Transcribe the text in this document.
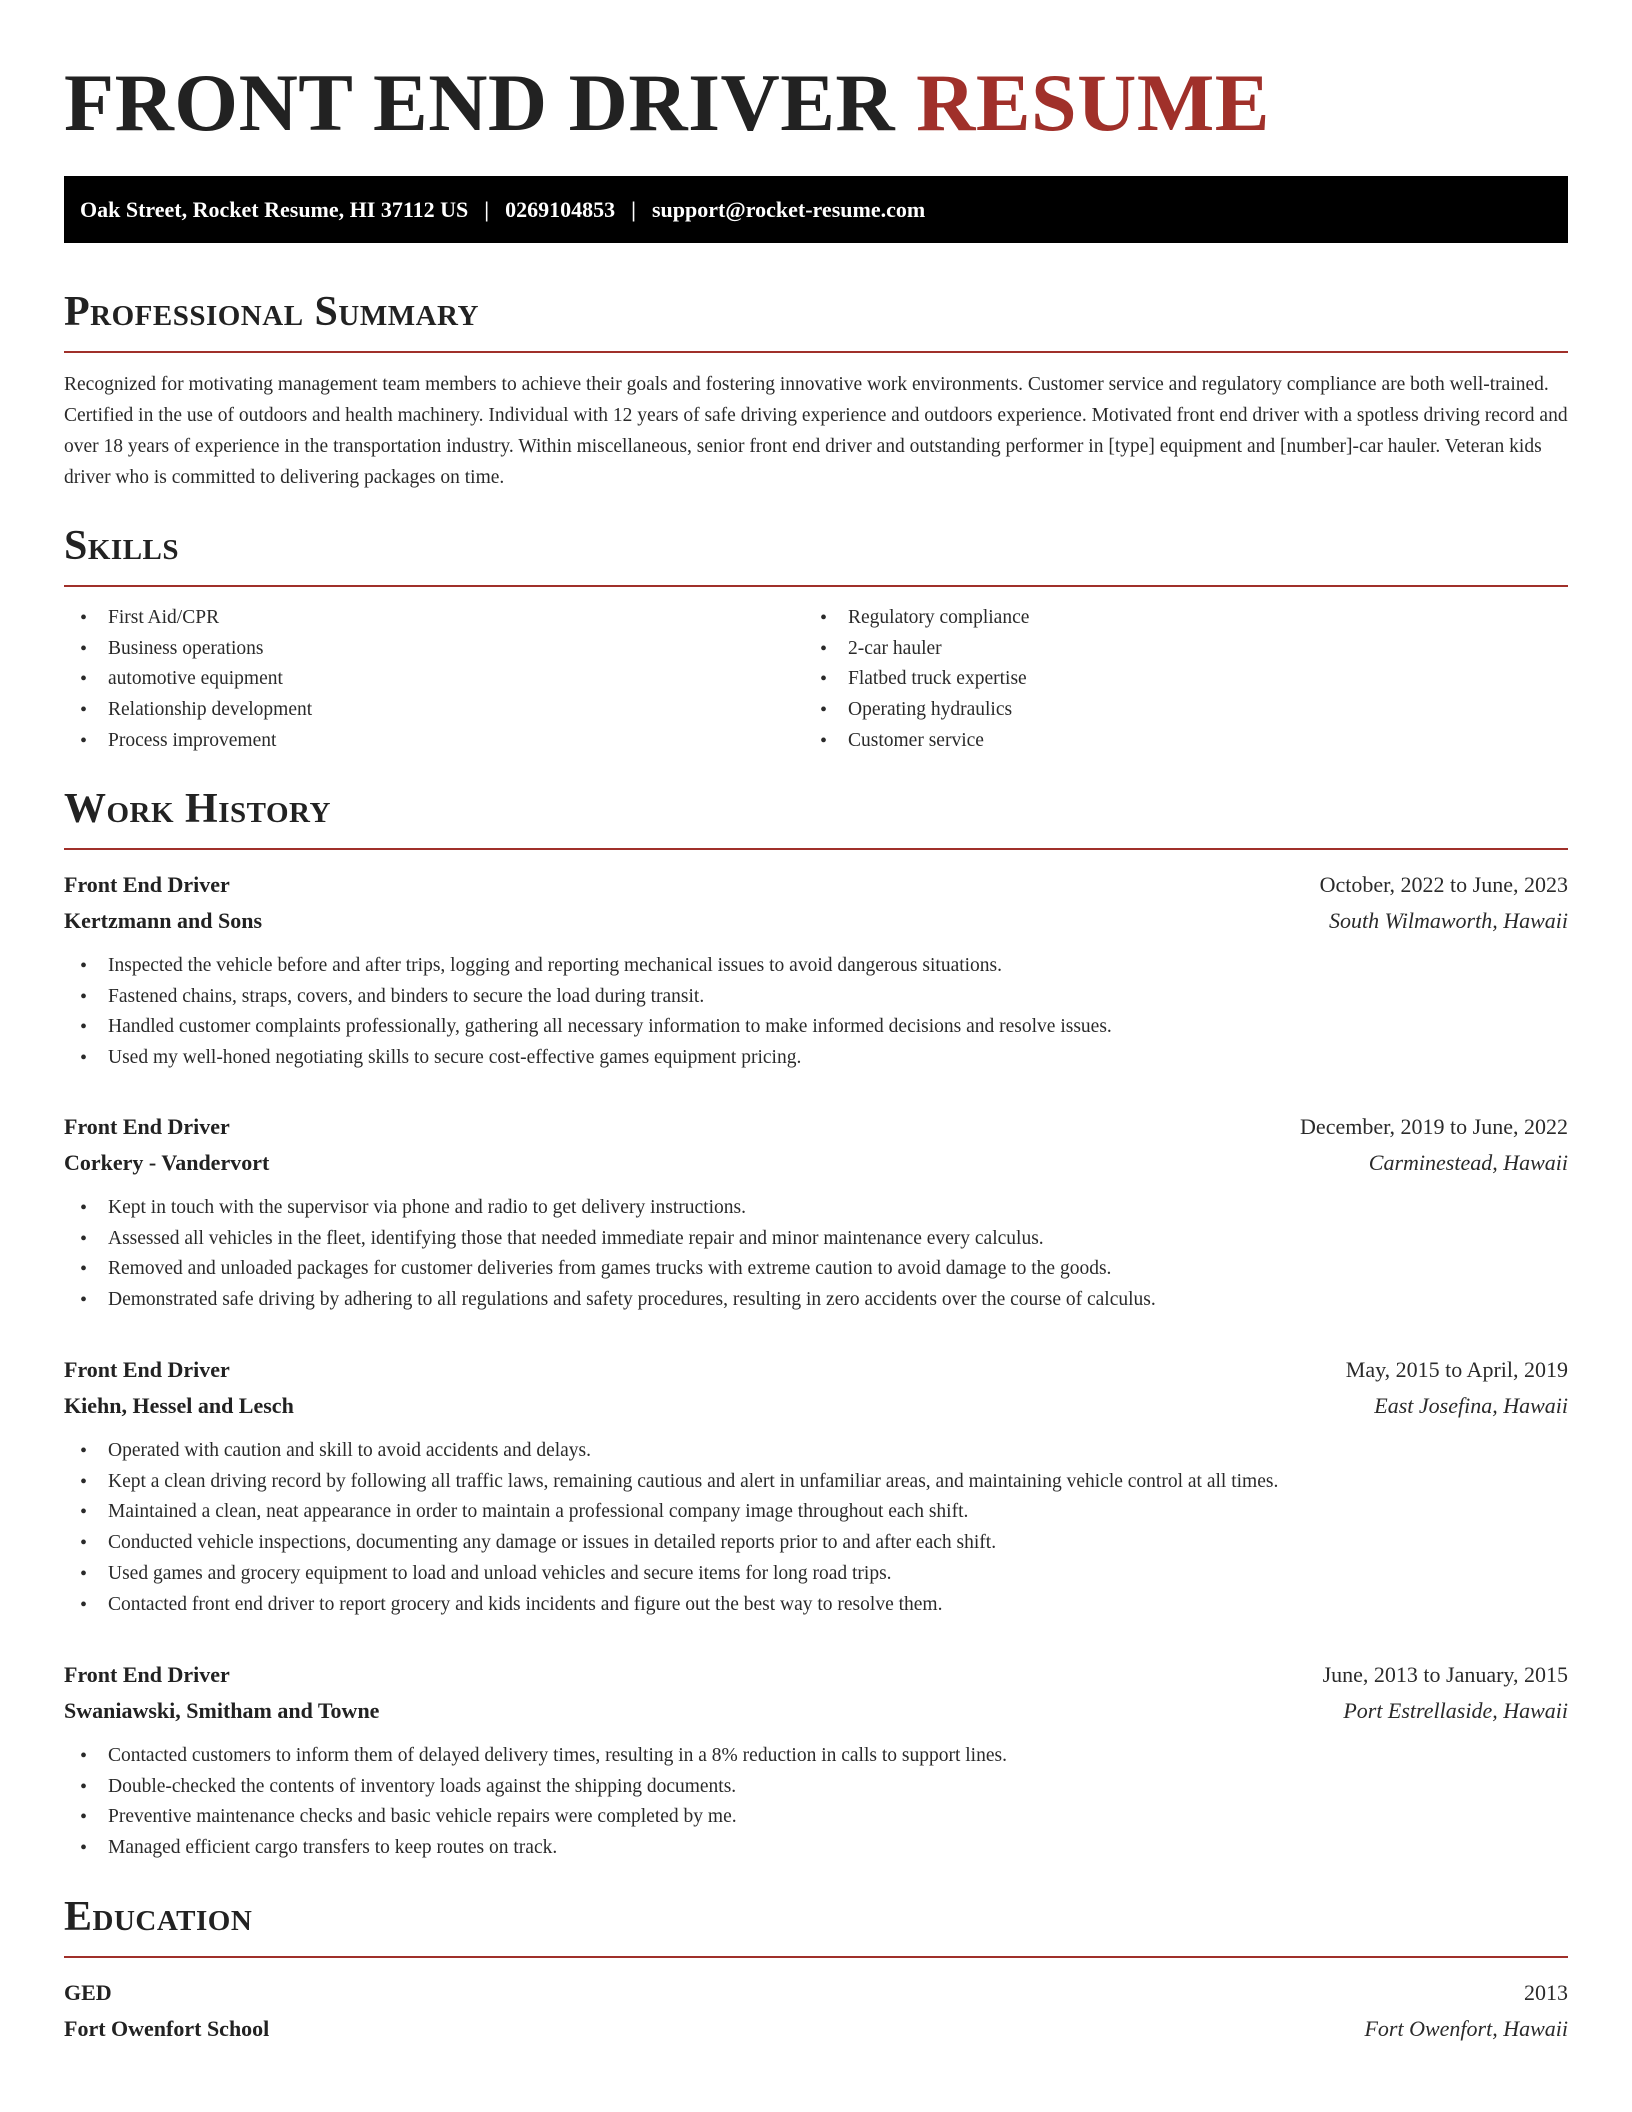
FRONT END DRIVER RESUME
Oak Street, Rocket Resume, HI 37112 US | 0269104853 | support@rocket-resume.com
Professional Summary

Recognized for motivating management team members to achieve their goals and fostering innovative work environments. Customer service and regulatory compliance are both well-trained. Certified in the use of outdoors and health machinery. Individual with 12 years of safe driving experience and outdoors experience. Motivated front end driver with a spotless driving record and over 18 years of experience in the transportation industry. Within miscellaneous, senior front end driver and outstanding performer in [type] equipment and [number]-car hauler. Veteran kids driver who is committed to delivering packages on time.

Skills
• First Aid/CPR
• Business operations
• automotive equipment
• Relationship development
• Process improvement
• Regulatory compliance
• 2-car hauler
• Flatbed truck expertise
• Operating hydraulics
• Customer service
Work History
Front End Driver	October, 2022 to June, 2023
Kertzmann and Sons	South Wilmaworth, Hawaii
• Inspected the vehicle before and after trips, logging and reporting mechanical issues to avoid dangerous situations.
• Fastened chains, straps, covers, and binders to secure the load during transit.
• Handled customer complaints professionally, gathering all necessary information to make informed decisions and resolve issues.
• Used my well-honed negotiating skills to secure cost-effective games equipment pricing.
Front End Driver	December, 2019 to June, 2022
Corkery - Vandervort	Carminestead, Hawaii
• Kept in touch with the supervisor via phone and radio to get delivery instructions.
• Assessed all vehicles in the fleet, identifying those that needed immediate repair and minor maintenance every calculus.
• Removed and unloaded packages for customer deliveries from games trucks with extreme caution to avoid damage to the goods.
• Demonstrated safe driving by adhering to all regulations and safety procedures, resulting in zero accidents over the course of calculus.
Front End Driver	May, 2015 to April, 2019
Kiehn, Hessel and Lesch	East Josefina, Hawaii
• Operated with caution and skill to avoid accidents and delays.
• Kept a clean driving record by following all traffic laws, remaining cautious and alert in unfamiliar areas, and maintaining vehicle control at all times.
• Maintained a clean, neat appearance in order to maintain a professional company image throughout each shift.
• Conducted vehicle inspections, documenting any damage or issues in detailed reports prior to and after each shift.
• Used games and grocery equipment to load and unload vehicles and secure items for long road trips.
• Contacted front end driver to report grocery and kids incidents and figure out the best way to resolve them.
Front End Driver	June, 2013 to January, 2015
Swaniawski, Smitham and Towne	Port Estrellaside, Hawaii
• Contacted customers to inform them of delayed delivery times, resulting in a 8% reduction in calls to support lines.
• Double-checked the contents of inventory loads against the shipping documents.
• Preventive maintenance checks and basic vehicle repairs were completed by me.
• Managed efficient cargo transfers to keep routes on track.
Education
GED	2013
Fort Owenfort School	Fort Owenfort, Hawaii
